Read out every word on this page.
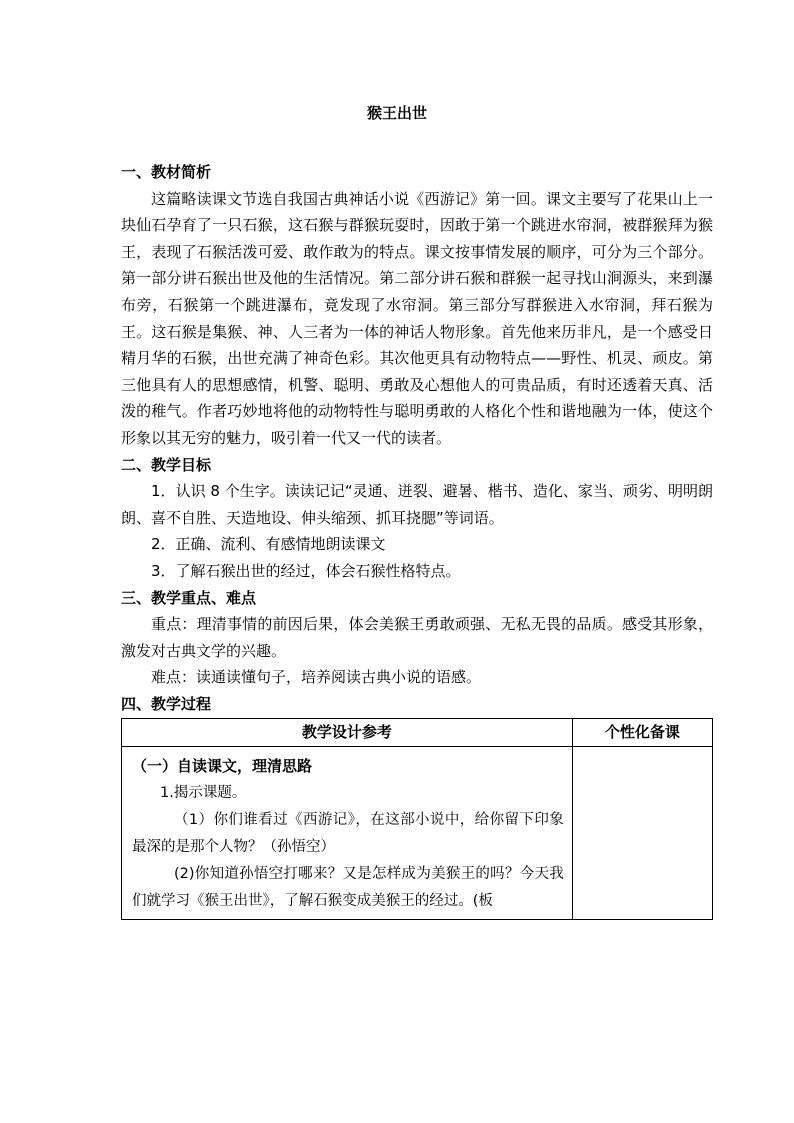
猴王出世

一、教材简析

这篇略读课文节选自我国古典神话小说《西游记》第一回。课文主要写了花果山上一块仙石孕育了一只石猴，这石猴与群猴玩耍时，因敢于第一个跳进水帘洞，被群猴拜为猴王，表现了石猴活泼可爱、敢作敢为的特点。课文按事情发展的顺序，可分为三个部分。第一部分讲石猴出世及他的生活情况。第二部分讲石猴和群猴一起寻找山涧源头，来到瀑布旁，石猴第一个跳进瀑布，竟发现了水帘洞。第三部分写群猴进入水帘洞，拜石猴为王。这石猴是集猴、神、人三者为一体的神话人物形象。首先他来历非凡，是一个感受日精月华的石猴，出世充满了神奇色彩。其次他更具有动物特点——野性、机灵、顽皮。第三他具有人的思想感情，机警、聪明、勇敢及心想他人的可贵品质，有时还透着天真、活泼的稚气。作者巧妙地将他的动物特性与聪明勇敢的人格化个性和谐地融为一体，使这个形象以其无穷的魅力，吸引着一代又一代的读者。

二、教学目标

1．认识 8 个生字。读读记记“灵通、迸裂、避暑、楷书、造化、家当、顽劣、明明朗朗、喜不自胜、天造地设、伸头缩颈、抓耳挠腮”等词语。

2．正确、流利、有感情地朗读课文

3．了解石猴出世的经过，体会石猴性格特点。

三、教学重点、难点

重点：理清事情的前因后果，体会美猴王勇敢顽强、无私无畏的品质。感受其形象，激发对古典文学的兴趣。

难点：读通读懂句子，培养阅读古典小说的语感。

四、教学过程

教学设计参考	个性化备课

（一）自读课文，理清思路

1.揭示课题。

（1）你们谁看过《西游记》，在这部小说中，给你留下印象最深的是那个人物？（孙悟空）

(2)你知道孙悟空打哪来？又是怎样成为美猴王的吗？今天我们就学习《猴王出世》，了解石猴变成美猴王的经过。(板	
